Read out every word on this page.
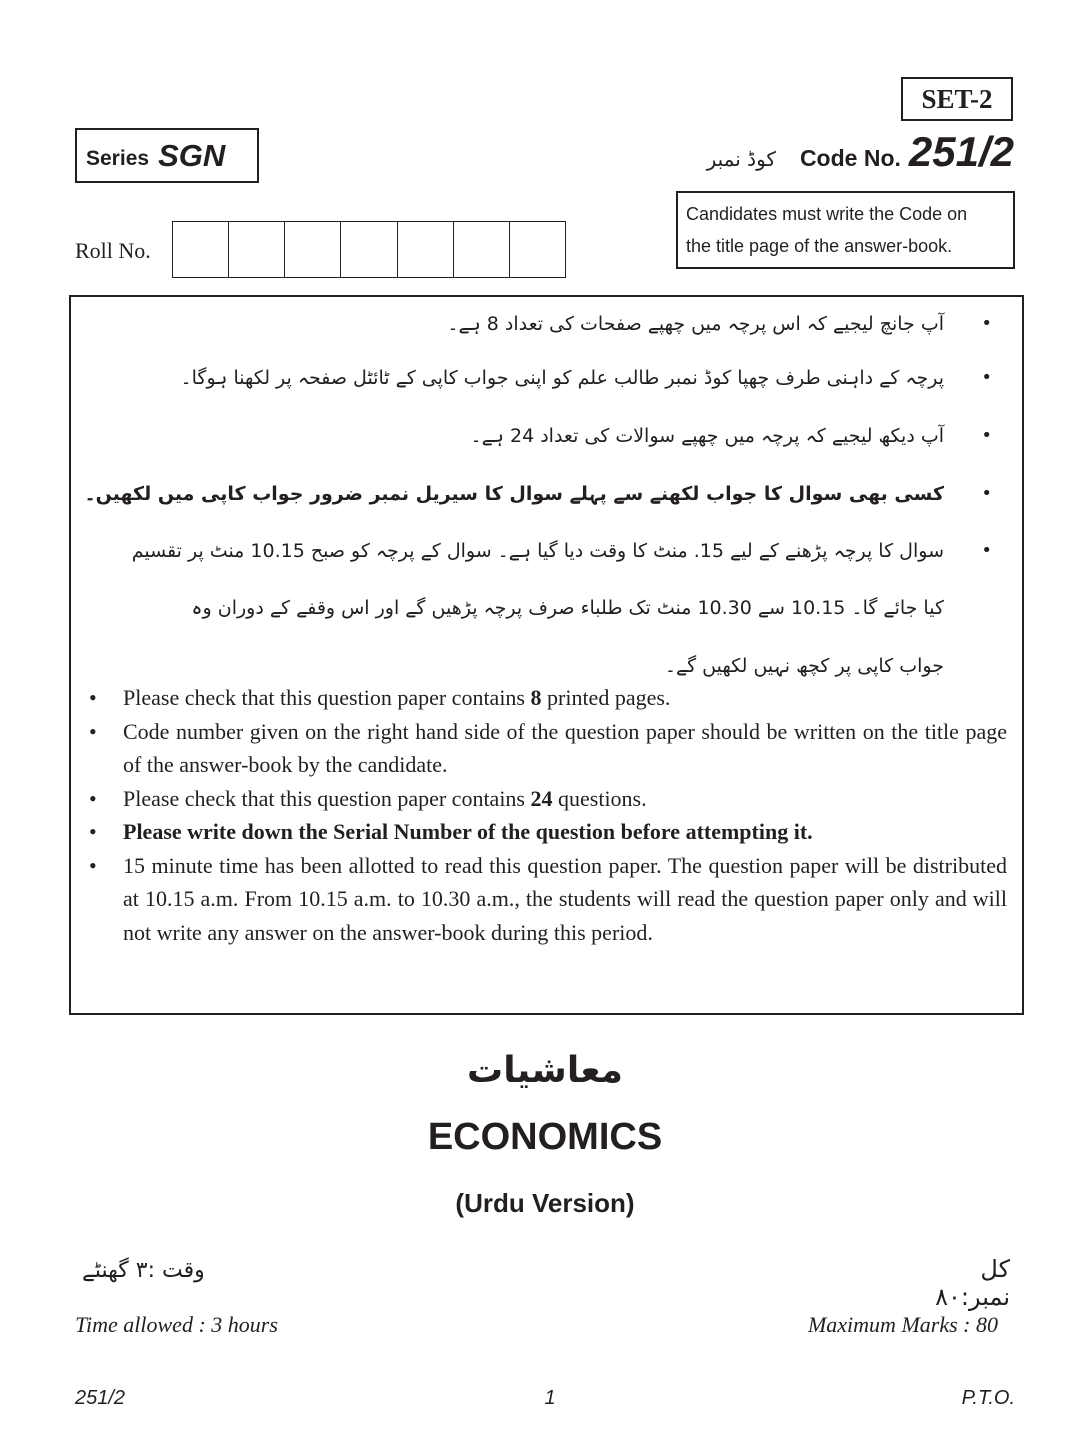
SET-2
Series SGN	کوڈ نمبر Code No. 251/2
Candidates must write the Code on
the title page of the answer-book.
Roll No.
•
آپ جانچ لیجیے کہ اس پرچہ میں چھپے صفحات کی تعداد 8 ہے۔
•
پرچہ کے داہنی طرف چھپا کوڈ نمبر طالب علم کو اپنی جواب کاپی کے ٹائٹل صفحہ پر لکھنا ہوگا۔
•
آپ دیکھ لیجیے کہ پرچہ میں چھپے سوالات کی تعداد 24 ہے۔
•
کسی بھی سوال کا جواب لکھنے سے پہلے سوال کا سیریل نمبر ضرور جواب کاپی میں لکھیں۔
•
سوال کا پرچہ پڑھنے کے لیے 15. منٹ کا وقت دیا گیا ہے۔ سوال کے پرچہ کو صبح 10.15 منٹ پر تقسیم
کیا جائے گا۔ 10.15 سے 10.30 منٹ تک طلباء صرف پرچہ پڑھیں گے اور اس وقفے کے دوران وہ
جواب کاپی پر کچھ نہیں لکھیں گے۔
• Please check that this question paper contains 8 printed pages.
• Code number given on the right hand side of the question paper should be written on the title page of the answer-book by the candidate.
• Please check that this question paper contains 24 questions.
• Please write down the Serial Number of the question before attempting it.
• 15 minute time has been allotted to read this question paper. The question paper will be distributed at 10.15 a.m. From 10.15 a.m. to 10.30 a.m., the students will read the question paper only and will not write any answer on the answer-book during this period.
معاشیات
ECONOMICS
(Urdu Version)
وقت :۳ گھنٹے	کل نمبر:۸۰
Time allowed : 3 hours	Maximum Marks : 80
251/2	1	P.T.O.
